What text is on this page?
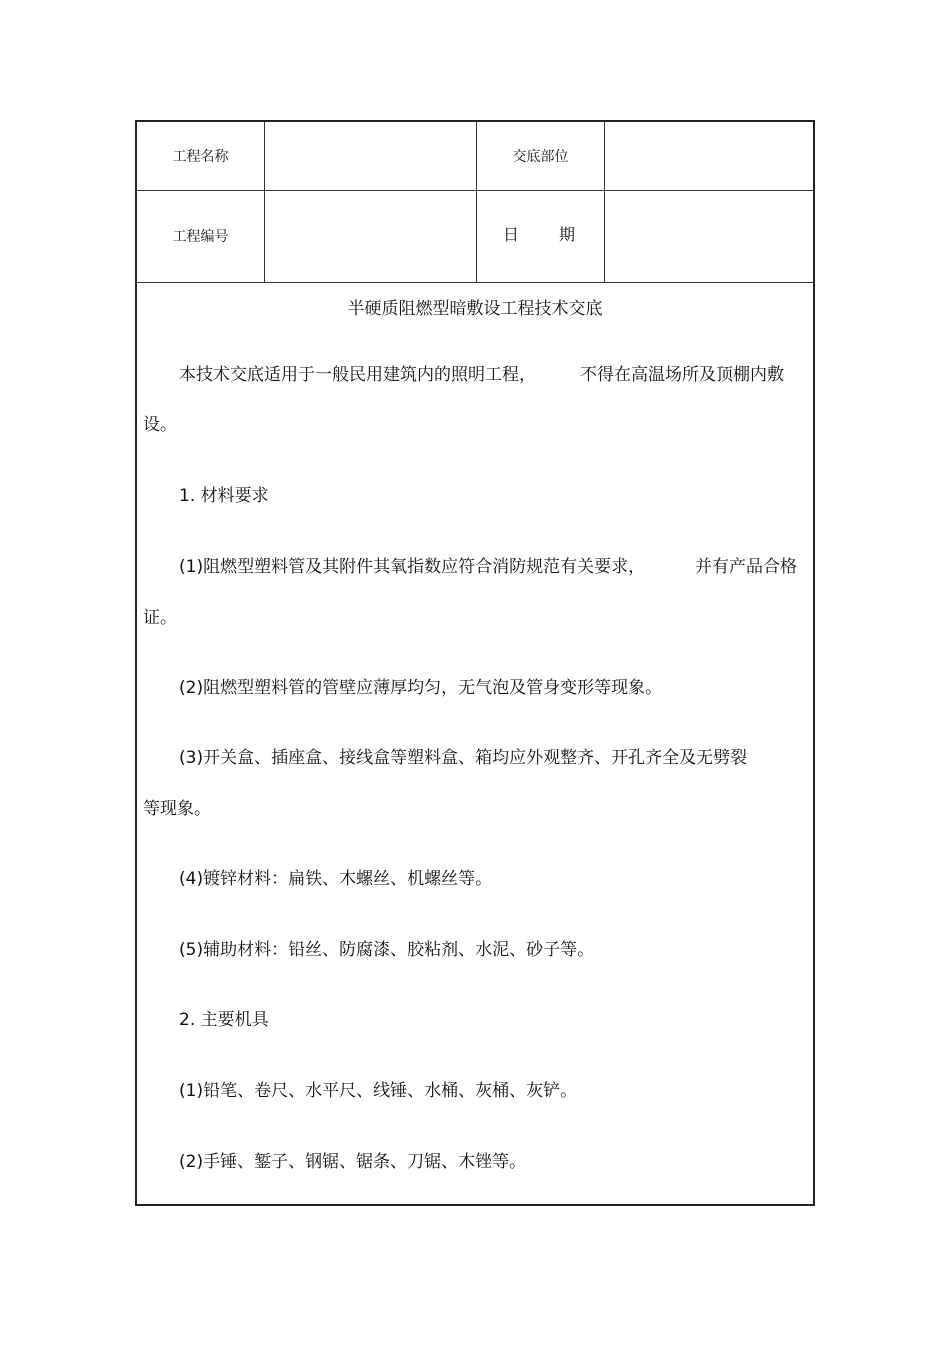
工程名称	交底部位
工程编号	日	期
半硬质阻燃型暗敷设工程技术交底
本技术交底适用于一般民用建筑内的照明工程，	不得在高温场所及顶棚内敷
设。
1. 材料要求
(1)阻燃型塑料管及其附件其氧指数应符合消防规范有关要求，	并有产品合格
证。
(2)阻燃型塑料管的管壁应薄厚均匀，无气泡及管身变形等现象。
(3)开关盒、插座盒、接线盒等塑料盒、箱均应外观整齐、开孔齐全及无劈裂
等现象。
(4)镀锌材料：扁铁、木螺丝、机螺丝等。
(5)辅助材料：铅丝、防腐漆、胶粘剂、水泥、砂子等。
2. 主要机具
(1)铅笔、卷尺、水平尺、线锤、水桶、灰桶、灰铲。
(2)手锤、錾子、钢锯、锯条、刀锯、木锉等。
